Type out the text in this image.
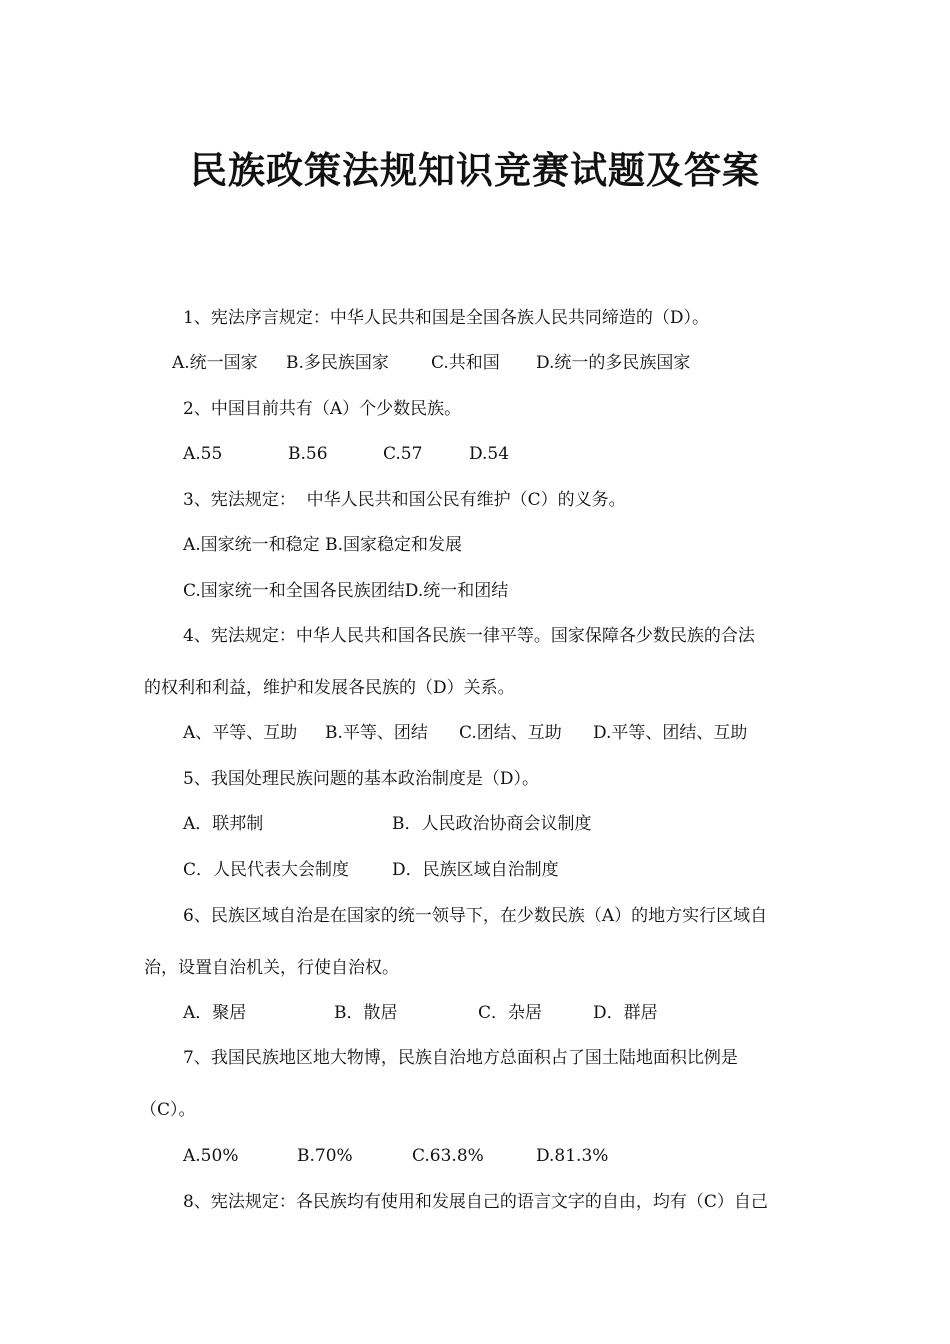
民族政策法规知识竞赛试题及答案
1、宪法序言规定：中华人民共和国是全国各族人民共同缔造的（D）。
A.统一国家 B.多民族国家 C.共和国 D.统一的多民族国家
2、中国目前共有（A）个少数民族。
A.55	B.56	C.57	D.54
3、宪法规定：  中华人民共和国公民有维护（C）的义务。
A.国家统一和稳定 B.国家稳定和发展
C.国家统一和全国各民族团结D.统一和团结
4、宪法规定：中华人民共和国各民族一律平等。国家保障各少数民族的合法
的权利和利益，维护和发展各民族的（D）关系。
A、平等、互助 B.平等、团结 C.团结、互助 D.平等、团结、互助
5、我国处理民族问题的基本政治制度是（D）。
A．联邦制	B．人民政治协商会议制度
C．人民代表大会制度	D．民族区域自治制度
6、民族区域自治是在国家的统一领导下，在少数民族（A）的地方实行区域自
治，设置自治机关，行使自治权。
A．聚居	B．散居	C．杂居	D．群居
7、我国民族地区地大物博，民族自治地方总面积占了国土陆地面积比例是
（C）。
A.50%	B.70%	C.63.8%	D.81.3%
8、宪法规定：各民族均有使用和发展自己的语言文字的自由，均有（C）自己
